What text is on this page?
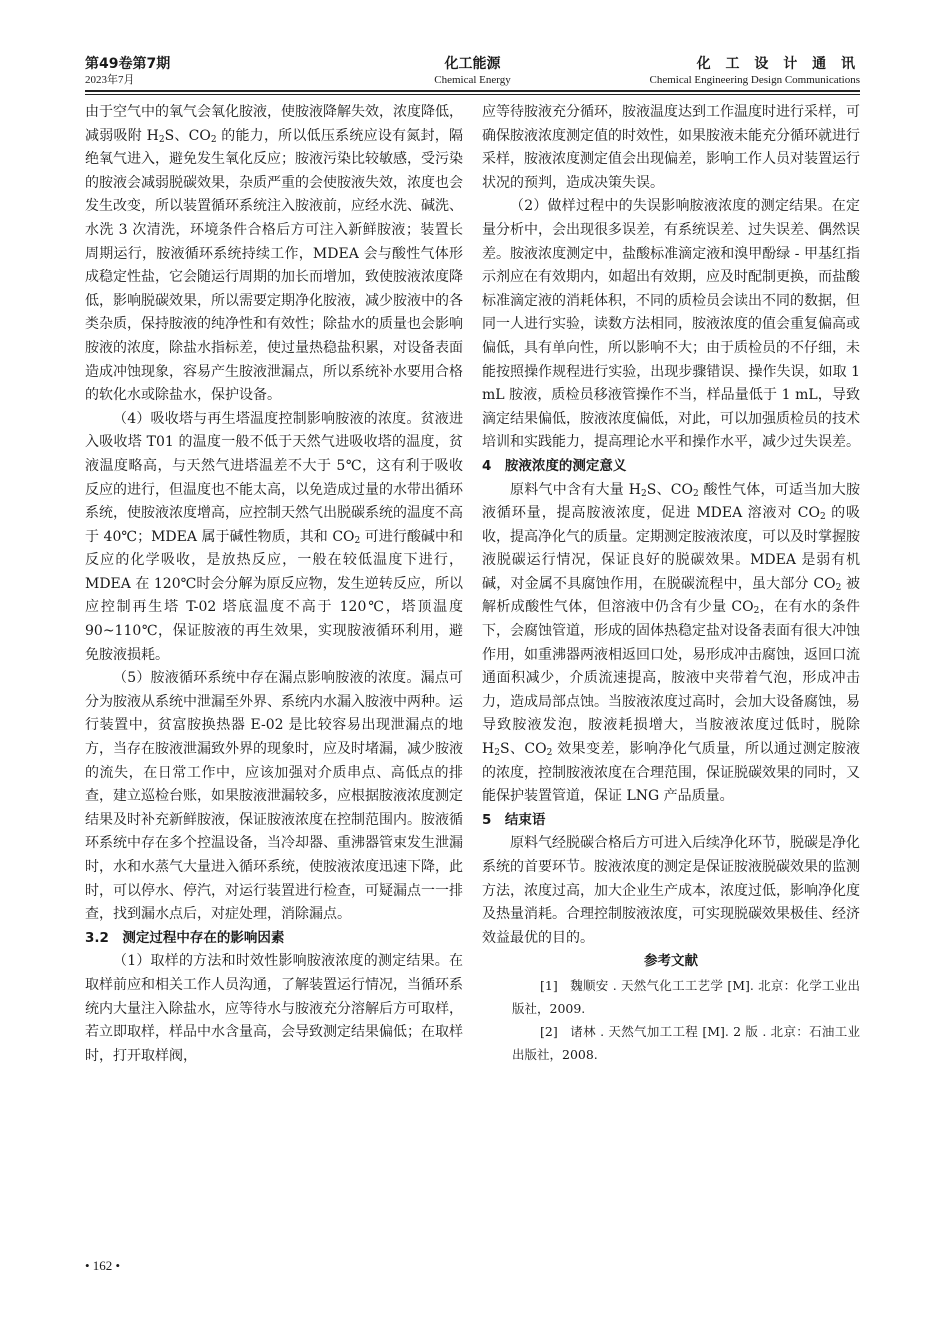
化工能源
Chemical Energy
第49卷第7期
2023年7月
化 工 设 计 通 讯
Chemical Engineering Design Communications

由于空气中的氧气会氧化胺液，使胺液降解失效，浓度降低，减弱吸附 $H_2S$、$CO_2$ 的能力，所以低压系统应设有氮封，隔绝氧气进入，避免发生氧化反应；胺液污染比较敏感，受污染的胺液会减弱脱碳效果，杂质严重的会使胺液失效，浓度也会发生改变，所以装置循环系统注入胺液前，应经水洗、碱洗、水洗 3 次清洗，环境条件合格后方可注入新鲜胺液；装置长周期运行，胺液循环系统持续工作，MDEA 会与酸性气体形成稳定性盐，它会随运行周期的加长而增加，致使胺液浓度降低，影响脱碳效果，所以需要定期净化胺液，减少胺液中的各类杂质，保持胺液的纯净性和有效性；除盐水的质量也会影响胺液的浓度，除盐水指标差，使过量热稳盐积累，对设备表面造成冲蚀现象，容易产生胺液泄漏点，所以系统补水要用合格的软化水或除盐水，保护设备。

（4）吸收塔与再生塔温度控制影响胺液的浓度。贫液进入吸收塔 T01 的温度一般不低于天然气进吸收塔的温度，贫液温度略高，与天然气进塔温差不大于 5℃，这有利于吸收反应的进行，但温度也不能太高，以免造成过量的水带出循环系统，使胺液浓度增高，应控制天然气出脱碳系统的温度不高于 40℃；MDEA 属于碱性物质，其和 $CO_2$ 可进行酸碱中和反应的化学吸收，是放热反应，一般在较低温度下进行，MDEA 在 120℃时会分解为原反应物，发生逆转反应，所以应控制再生塔 T-02 塔底温度不高于 120℃，塔顶温度 90~110℃，保证胺液的再生效果，实现胺液循环利用，避免胺液损耗。

（5）胺液循环系统中存在漏点影响胺液的浓度。漏点可分为胺液从系统中泄漏至外界、系统内水漏入胺液中两种。运行装置中，贫富胺换热器 E-02 是比较容易出现泄漏点的地方，当存在胺液泄漏致外界的现象时，应及时堵漏，减少胺液的流失，在日常工作中，应该加强对介质串点、高低点的排查，建立巡检台账，如果胺液泄漏较多，应根据胺液浓度测定结果及时补充新鲜胺液，保证胺液浓度在控制范围内。胺液循环系统中存在多个控温设备，当冷却器、重沸器管束发生泄漏时，水和水蒸气大量进入循环系统，使胺液浓度迅速下降，此时，可以停水、停汽，对运行装置进行检查，可疑漏点一一排查，找到漏水点后，对症处理，消除漏点。

3.2　测定过程中存在的影响因素

（1）取样的方法和时效性影响胺液浓度的测定结果。在取样前应和相关工作人员沟通，了解装置运行情况，当循环系统内大量注入除盐水，应等待水与胺液充分溶解后方可取样，若立即取样，样品中水含量高，会导致测定结果偏低；在取样时，打开取样阀，

应等待胺液充分循环，胺液温度达到工作温度时进行采样，可确保胺液浓度测定值的时效性，如果胺液未能充分循环就进行采样，胺液浓度测定值会出现偏差，影响工作人员对装置运行状况的预判，造成决策失误。

（2）做样过程中的失误影响胺液浓度的测定结果。在定量分析中，会出现很多误差，有系统误差、过失误差、偶然误差。胺液浓度测定中，盐酸标准滴定液和溴甲酚绿 - 甲基红指示剂应在有效期内，如超出有效期，应及时配制更换，而盐酸标准滴定液的消耗体积，不同的质检员会读出不同的数据，但同一人进行实验，读数方法相同，胺液浓度的值会重复偏高或偏低，具有单向性，所以影响不大；由于质检员的不仔细，未能按照操作规程进行实验，出现步骤错误、操作失误，如取 1 mL 胺液，质检员移液管操作不当，样品量低于 1 mL，导致滴定结果偏低，胺液浓度偏低，对此，可以加强质检员的技术培训和实践能力，提高理论水平和操作水平，减少过失误差。

4　胺液浓度的测定意义

原料气中含有大量 $H_2S$、$CO_2$ 酸性气体，可适当加大胺液循环量，提高胺液浓度，促进 MDEA 溶液对 $CO_2$ 的吸收，提高净化气的质量。定期测定胺液浓度，可以及时掌握胺液脱碳运行情况，保证良好的脱碳效果。MDEA 是弱有机碱，对金属不具腐蚀作用，在脱碳流程中，虽大部分 $CO_2$ 被解析成酸性气体，但溶液中仍含有少量 $CO_2$，在有水的条件下，会腐蚀管道，形成的固体热稳定盐对设备表面有很大冲蚀作用，如重沸器两液相返回口处，易形成冲击腐蚀，返回口流通面积减少，介质流速提高，胺液中夹带着气泡，形成冲击力，造成局部点蚀。当胺液浓度过高时，会加大设备腐蚀，易导致胺液发泡，胺液耗损增大，当胺液浓度过低时，脱除 $H_2S$、$CO_2$ 效果变差，影响净化气质量，所以通过测定胺液的浓度，控制胺液浓度在合理范围，保证脱碳效果的同时，又能保护装置管道，保证 LNG 产品质量。

5　结束语

原料气经脱碳合格后方可进入后续净化环节，脱碳是净化系统的首要环节。胺液浓度的测定是保证胺液脱碳效果的监测方法，浓度过高，加大企业生产成本，浓度过低，影响净化度及热量消耗。合理控制胺液浓度，可实现脱碳效果极佳、经济效益最优的目的。

参考文献

[1] 魏顺安 . 天然气化工工艺学 [M]. 北京：化学工业出版社，2009.

[2] 诸林 . 天然气加工工程 [M]. 2 版 . 北京：石油工业出版社，2008.

• 162 •
